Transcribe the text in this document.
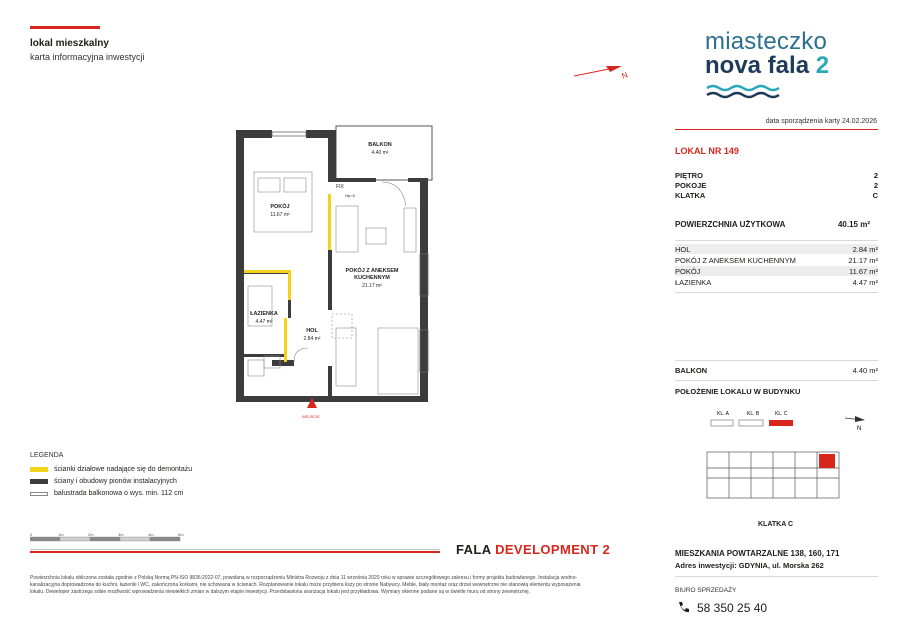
lokal mieszkalny
karta informacyjna inwestycji
N
miasteczko
nova fala 2
data sporządzenia karty 24.02.2026
LOKAL NR 149
PIĘTRO	2
POKOJE	2
KLATKA	C
POWIERZCHNIA UŻYTKOWA	40.15 m²
HOL	2.84 m²
POKÓJ Z ANEKSEM KUCHENNYM	21.17 m²
POKÓJ	11.67 m²
ŁAZIENKA	4.47 m²
BALKON	4.40 m²
POŁOŻENIE LOKALU W BUDYNKU
KL. A	KL. B	KL. C
N
KLATKA C
BALKON
4.40 m²
POKÓJ
11.67 m²
POKÓJ Z ANEKSEM
KUCHENNYM
21.17 m²
ŁAZIENKA
4.47 m²
HOL
2.84 m²
FIX
Hp=0
WEJŚCIE
LEGENDA
ścianki działowe nadające się do demontażu
ściany i obudowy pionów instalacyjnych
balustrada balkonowa o wys. min. 112 cm
0	1m	2m	3m	4m	5m
FALA DEVELOPMENT 2
Powierzchnia lokalu obliczona została zgodnie z Polską Normą PN-ISO 9836:2022-07, powołaną w rozporządzeniu Ministra Rozwoju z dnia 11 września 2020 roku w sprawie szczegółowego zakresu i formy projektu budowlanego. Instalacja wodno-kanalizacyjna doprowadzona do kuchni, łazienki i WC, zakończona korkami, nie schowana w ścianach. Rozplanowanie lokalu może przybiera kszy po stronie Nabywcy. Meble, biały montaż oraz drzwi wewnętrzne nie stanowią elementu wyposażenia lokalu. Deweloper zastrzega sobie możliwość wprowadzenia niewielkich zmian w dalszym etapie inwestycji. Przedstawiona aranżacja lokalu jest przykładowa. Wymiary okienne podane są w świetle muru od strony zewnętrznej.
MIESZKANIA POWTARZALNE 138, 160, 171
Adres inwestycji: GDYNIA, ul. Morska 262
BIURO SPRZEDAŻY
58 350 25 40
